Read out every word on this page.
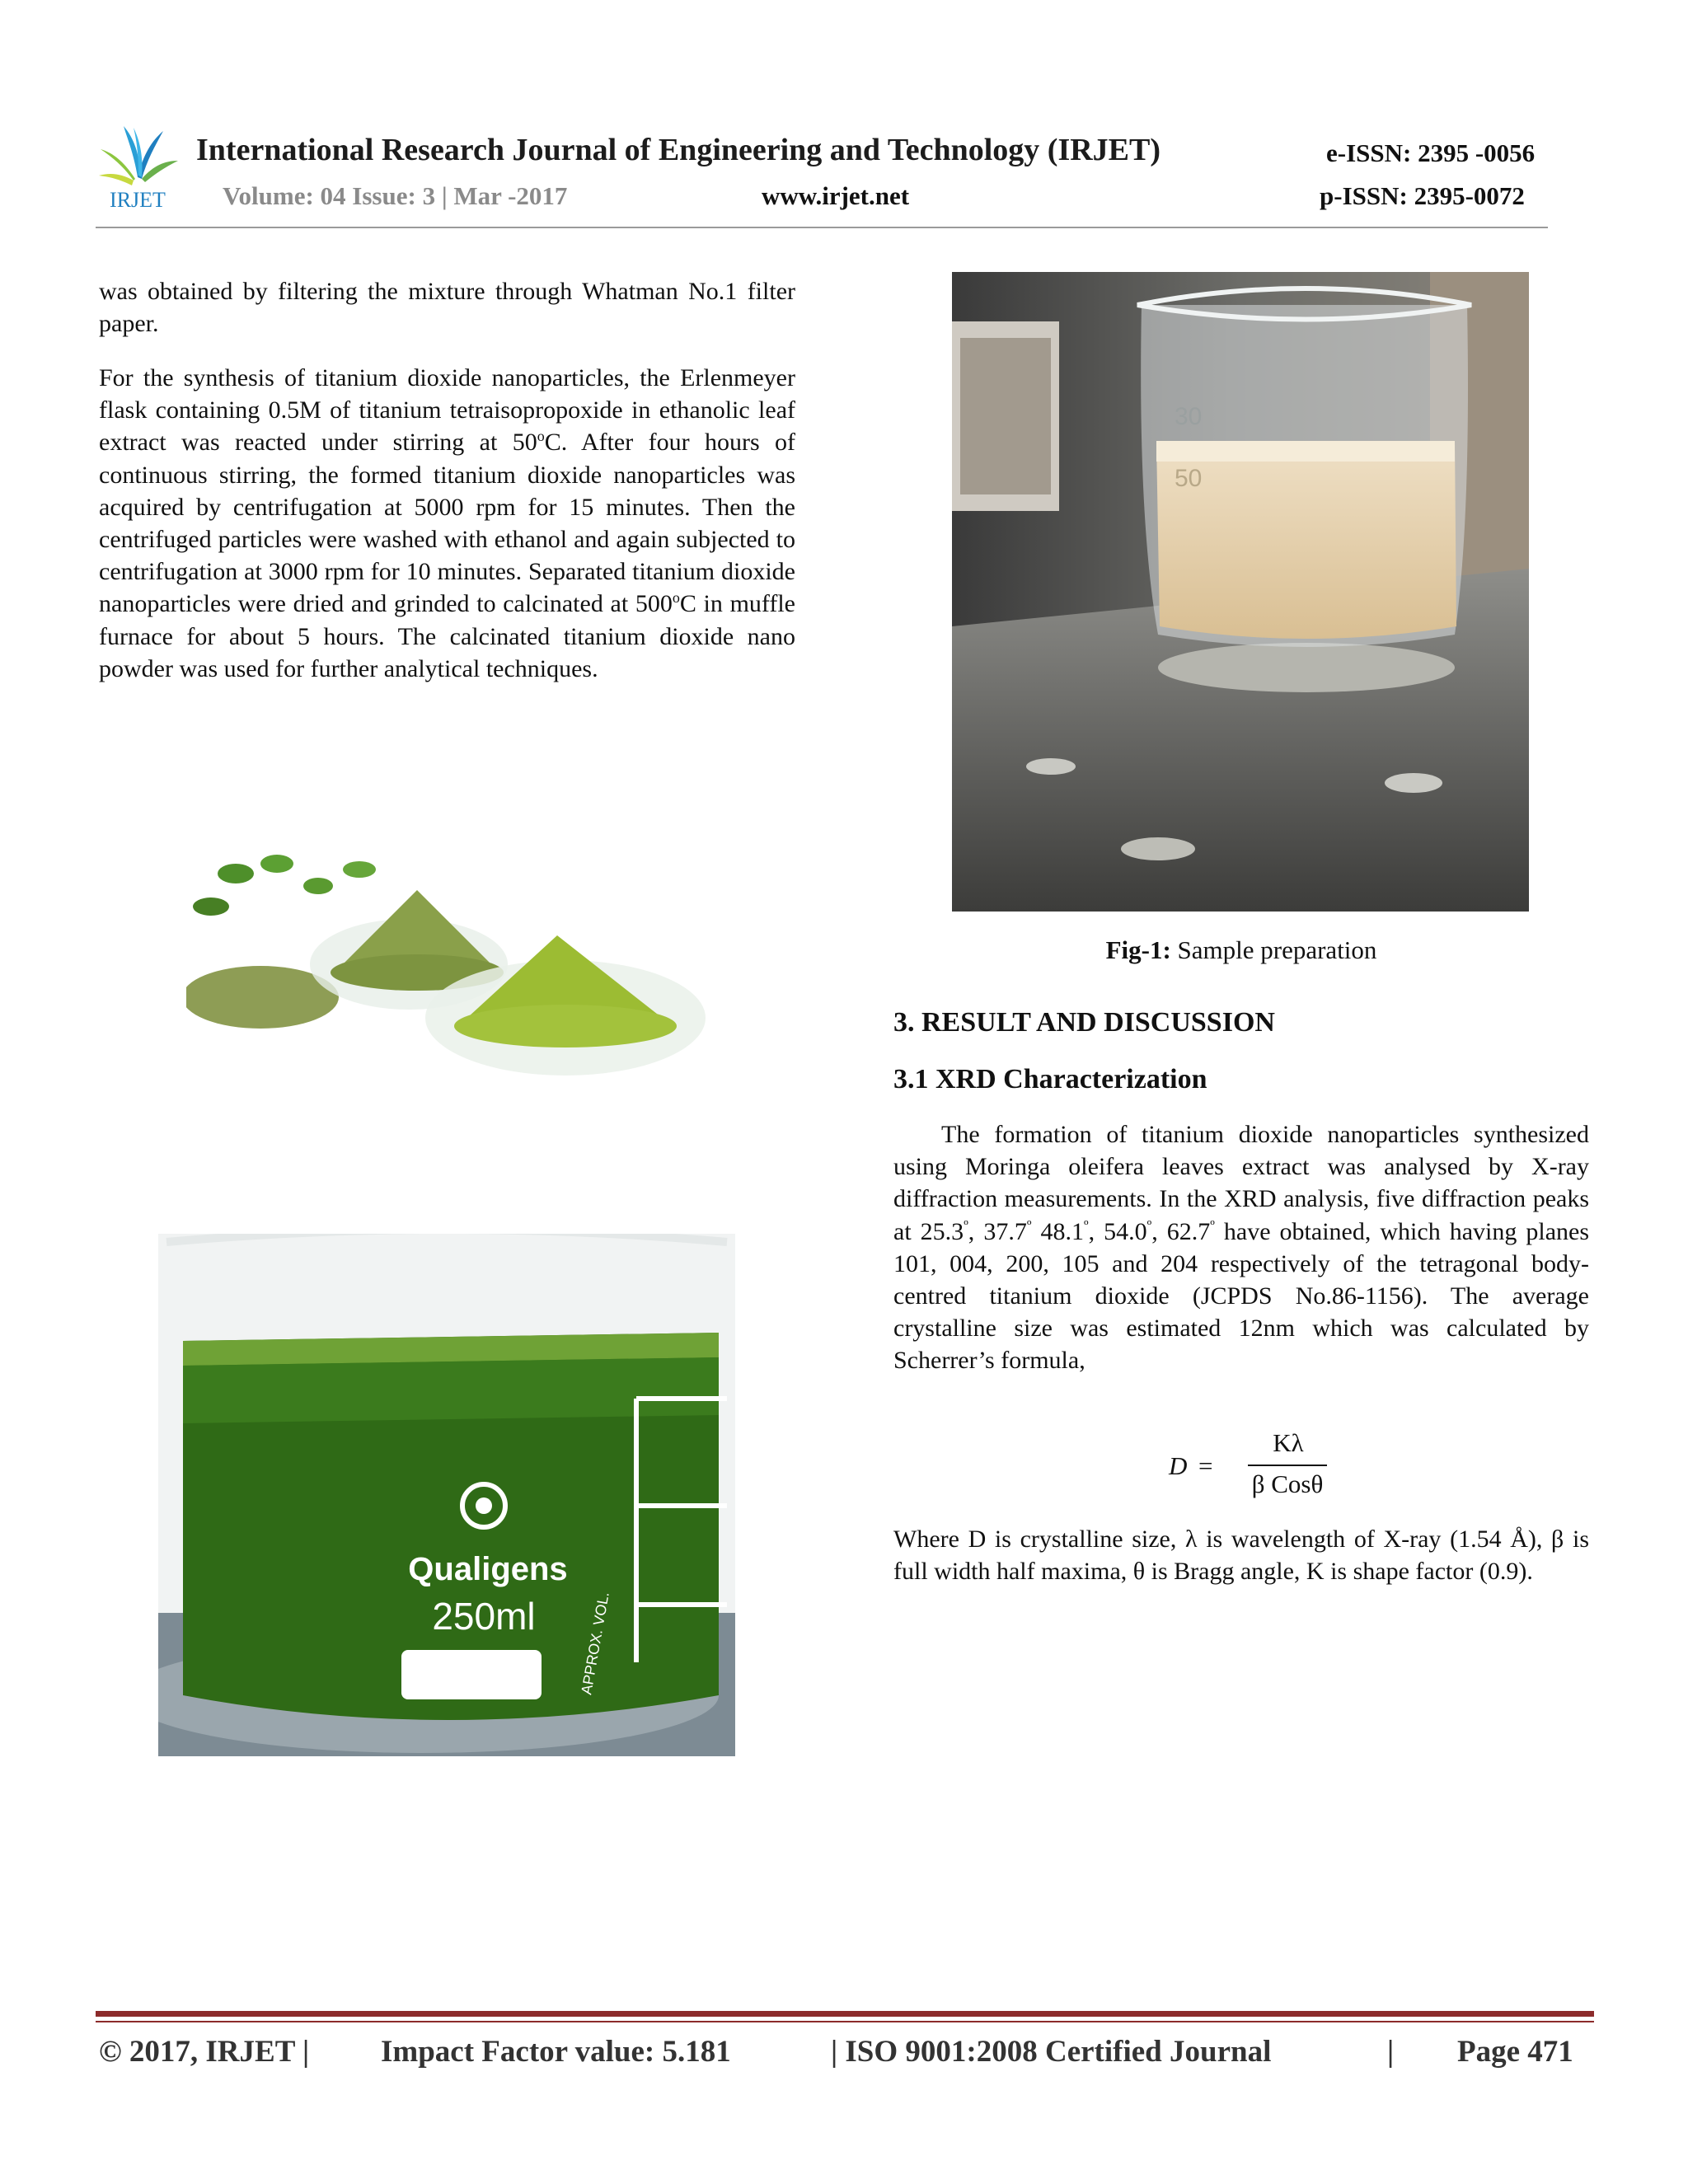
IRJET
International Research Journal of Engineering and Technology (IRJET)	e-ISSN: 2395 -0056
Volume: 04 Issue: 3 | Mar -2017	www.irjet.net	p-ISSN: 2395-0072

was obtained by filtering the mixture through Whatman No.1 filter paper.

For the synthesis of titanium dioxide nanoparticles, the Erlenmeyer flask containing 0.5M of titanium tetraisopropoxide in ethanolic leaf extract was reacted under stirring at 50$^o$C. After four hours of continuous stirring, the formed titanium dioxide nanoparticles was acquired by centrifugation at 5000 rpm for 15 minutes. Then the centrifuged particles were washed with ethanol and again subjected to centrifugation at 3000 rpm for 10 minutes. Separated titanium dioxide nanoparticles were dried and grinded to calcinated at 500$^o$C in muffle furnace for about 5 hours. The calcinated titanium dioxide nano powder was used for further analytical techniques.

30
50
Qualigens
250ml	APPROX. VOL.
Fig-1: Sample preparation
3. RESULT AND DISCUSSION
3.1 XRD Characterization

The formation of titanium dioxide nanoparticles synthesized using Moringa oleifera leaves extract was analysed by X-ray diffraction measurements. In the XRD analysis, five diffraction peaks at $25.3^º$, $37.7^º$ $48.1^º$, $54.0^º$, $62.7^º$ have obtained, which having planes 101, 004, 200, 105 and 204 respectively of the tetragonal body-centred titanium dioxide (JCPDS No.86-1156). The average crystalline size was estimated 12nm which was calculated by Scherrer’s formula,

D =
Kλ
β Cosθ

Where D is crystalline size, λ is wavelength of X-ray (1.54 Å), β is full width half maxima, θ is Bragg angle, K is shape factor (0.9).

© 2017, IRJET | Impact Factor value: 5.181	| ISO 9001:2008 Certified Journal	| Page 471
